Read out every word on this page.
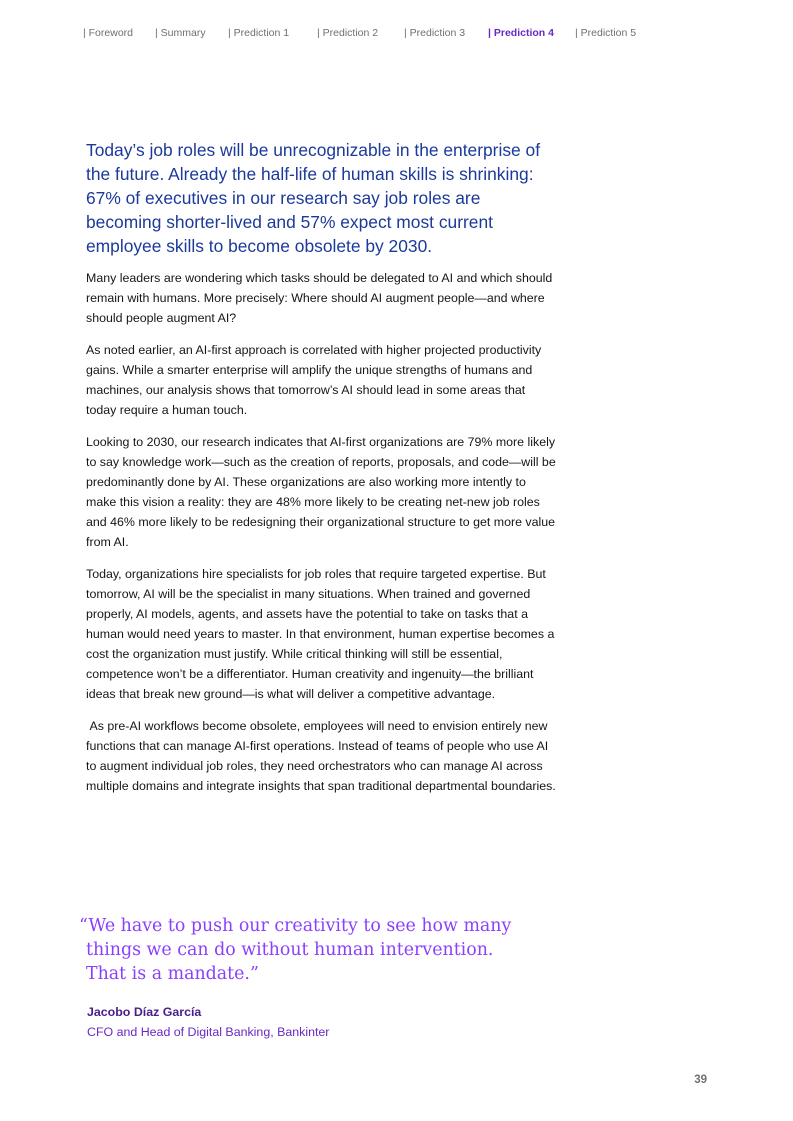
| Foreword | Summary | Prediction 1	| Prediction 2 | Prediction 3 | Prediction 4 | Prediction 5

Today’s job roles will be unrecognizable in the enterprise of the future. Already the half-life of human skills is shrinking: 67% of executives in our research say job roles are becoming shorter-lived and 57% expect most current employee skills to become obsolete by 2030.

Many leaders are wondering which tasks should be delegated to AI and which should remain with humans. More precisely: Where should AI augment people—and where should people augment AI?

As noted earlier, an AI-first approach is correlated with higher projected productivity gains. While a smarter enterprise will amplify the unique strengths of humans and machines, our analysis shows that tomorrow’s AI should lead in some areas that today require a human touch.

Looking to 2030, our research indicates that AI-first organizations are 79% more likely to say knowledge work—such as the creation of reports, proposals, and code—will be predominantly done by AI. These organizations are also working more intently to make this vision a reality: they are 48% more likely to be creating net-new job roles and 46% more likely to be redesigning their organizational structure to get more value from AI.

Today, organizations hire specialists for job roles that require targeted expertise. But tomorrow, AI will be the specialist in many situations. When trained and governed properly, AI models, agents, and assets have the potential to take on tasks that a human would need years to master. In that environment, human expertise becomes a cost the organization must justify. While critical thinking will still be essential, competence won’t be a differentiator. Human creativity and ingenuity—the brilliant ideas that break new ground—is what will deliver a competitive advantage.

As pre-AI workflows become obsolete, employees will need to envision entirely new functions that can manage AI-first operations. Instead of teams of people who use AI to augment individual job roles, they need orchestrators who can manage AI across multiple domains and integrate insights that span traditional departmental boundaries.

“We have to push our creativity to see how many
things we can do without human intervention.
That is a mandate.”
Jacobo Díaz García
CFO and Head of Digital Banking, Bankinter
39
